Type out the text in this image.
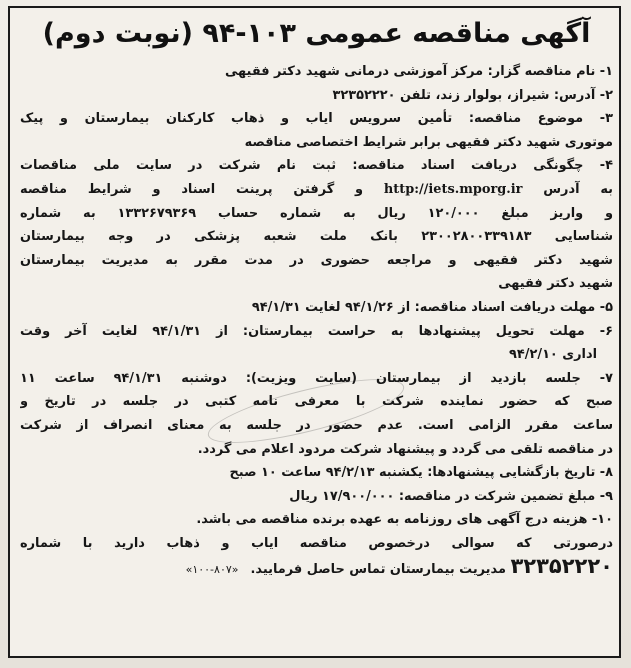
آگهی مناقصه عمومی ۱۰۳-۹۴ (نوبت دوم)
۱- نام مناقصه گزار: مرکز آموزشی درمانی شهید دکتر فقیهی
۲- آدرس: شیراز، بولوار زند، تلفن ۳۲۳۵۲۲۲۰
۳- موضوع مناقصه: تأمین سرویس ایاب و ذهاب کارکنان بیمارستان و پیک
موتوری شهید دکتر فقیهی برابر شرایط اختصاصی مناقصه
۴- چگونگی دریافت اسناد مناقصه: ثبت نام شرکت در سایت ملی مناقصات
به آدرس http://iets.mporg.ir و گرفتن پرینت اسناد و شرایط مناقصه
و واریز مبلغ ۱۲۰/۰۰۰ ریال به شماره حساب ۱۳۳۲۶۷۹۳۶۹ به شماره
شناسایی ۲۳۰۰۲۸۰۰۳۳۹۱۸۳ بانک ملت شعبه پزشکی در وجه بیمارستان
شهید دکتر فقیهی و مراجعه حضوری در مدت مقرر به مدیریت بیمارستان
شهید دکتر فقیهی
۵- مهلت دریافت اسناد مناقصه: از ۹۴/۱/۲۶ لغایت ۹۴/۱/۳۱
۶- مهلت تحویل پیشنهادها به حراست بیمارستان: از ۹۴/۱/۳۱ لغایت آخر وقت
اداری ۹۴/۲/۱۰
۷- جلسه بازدید از بیمارستان (سایت ویزیت): دوشنبه ۹۴/۱/۳۱ ساعت ۱۱
صبح که حضور نماینده شرکت با معرفی نامه کتبی در جلسه در تاریخ و
ساعت مقرر الزامی است. عدم حضور در جلسه به معنای انصراف از شرکت
در مناقصه تلقی می گردد و پیشنهاد شرکت مردود اعلام می گردد.
۸- تاریخ بازگشایی پیشنهادها: یکشنبه ۹۴/۲/۱۳ ساعت ۱۰ صبح
۹- مبلغ تضمین شرکت در مناقصه: ۱۷/۹۰۰/۰۰۰ ریال
۱۰- هزینه درج آگهی های روزنامه به عهده برنده مناقصه می باشد.
درصورتی که سوالی درخصوص مناقصه ایاب و ذهاب دارید با شماره
۳۲۳۵۲۲۲۰ مدیریت بیمارستان تماس حاصل فرمایید.«۸۰۷-۱۰۰»
